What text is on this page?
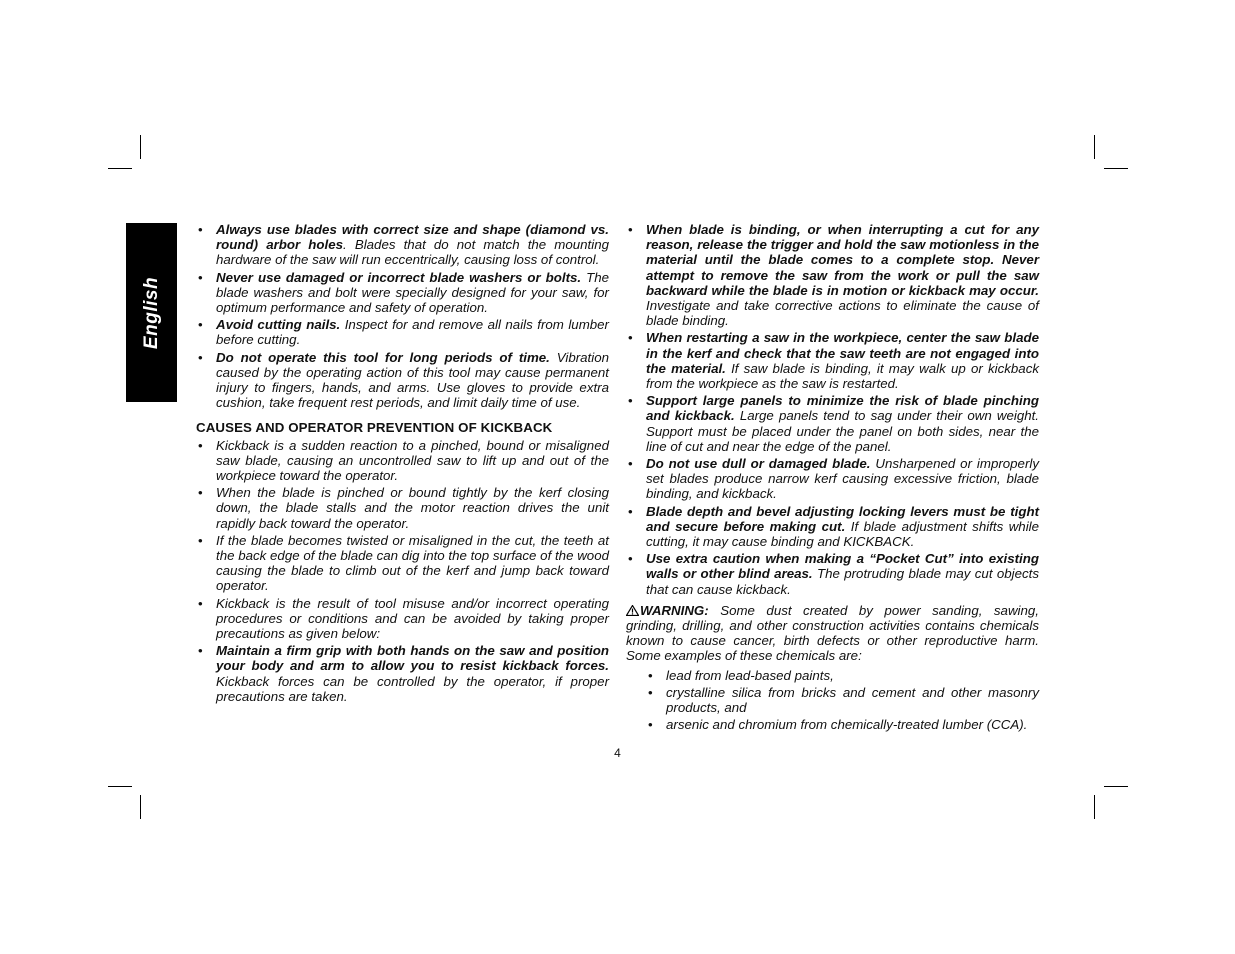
English
• Always use blades with correct size and shape (diamond vs. round) arbor holes. Blades that do not match the mounting hardware of the saw will run eccentrically, causing loss of control.
• Never use damaged or incorrect blade washers or bolts. The blade washers and bolt were specially designed for your saw, for optimum performance and safety of operation.
• Avoid cutting nails. Inspect for and remove all nails from lumber before cutting.
• Do not operate this tool for long periods of time. Vibration caused by the operating action of this tool may cause permanent injury to fingers, hands, and arms. Use gloves to provide extra cushion, take frequent rest periods, and limit daily time of use.
CAUSES AND OPERATOR PREVENTION OF KICKBACK
• Kickback is a sudden reaction to a pinched, bound or misaligned saw blade, causing an uncontrolled saw to lift up and out of the workpiece toward the operator.
• When the blade is pinched or bound tightly by the kerf closing down, the blade stalls and the motor reaction drives the unit rapidly back toward the operator.
• If the blade becomes twisted or misaligned in the cut, the teeth at the back edge of the blade can dig into the top surface of the wood causing the blade to climb out of the kerf and jump back toward operator.
• Kickback is the result of tool misuse and/or incorrect operating procedures or conditions and can be avoided by taking proper precautions as given below:
• Maintain a firm grip with both hands on the saw and position your body and arm to allow you to resist kickback forces. Kickback forces can be controlled by the operator, if proper precautions are taken.
• When blade is binding, or when interrupting a cut for any reason, release the trigger and hold the saw motionless in the material until the blade comes to a complete stop. Never attempt to remove the saw from the work or pull the saw backward while the blade is in motion or kickback may occur. Investigate and take corrective actions to eliminate the cause of blade binding.
• When restarting a saw in the workpiece, center the saw blade in the kerf and check that the saw teeth are not engaged into the material. If saw blade is binding, it may walk up or kickback from the workpiece as the saw is restarted.
• Support large panels to minimize the risk of blade pinching and kickback. Large panels tend to sag under their own weight. Support must be placed under the panel on both sides, near the line of cut and near the edge of the panel.
• Do not use dull or damaged blade. Unsharpened or improperly set blades produce narrow kerf causing excessive friction, blade binding, and kickback.
• Blade depth and bevel adjusting locking levers must be tight and secure before making cut. If blade adjustment shifts while cutting, it may cause binding and KICKBACK.
• Use extra caution when making a “Pocket Cut” into existing walls or other blind areas. The protruding blade may cut objects that can cause kickback.
WARNING: Some dust created by power sanding, sawing, grinding, drilling, and other construction activities contains chemicals known to cause cancer, birth defects or other reproductive harm. Some examples of these chemicals are:
• lead from lead-based paints,
• crystalline silica from bricks and cement and other masonry products, and
• arsenic and chromium from chemically-treated lumber (CCA).
4
